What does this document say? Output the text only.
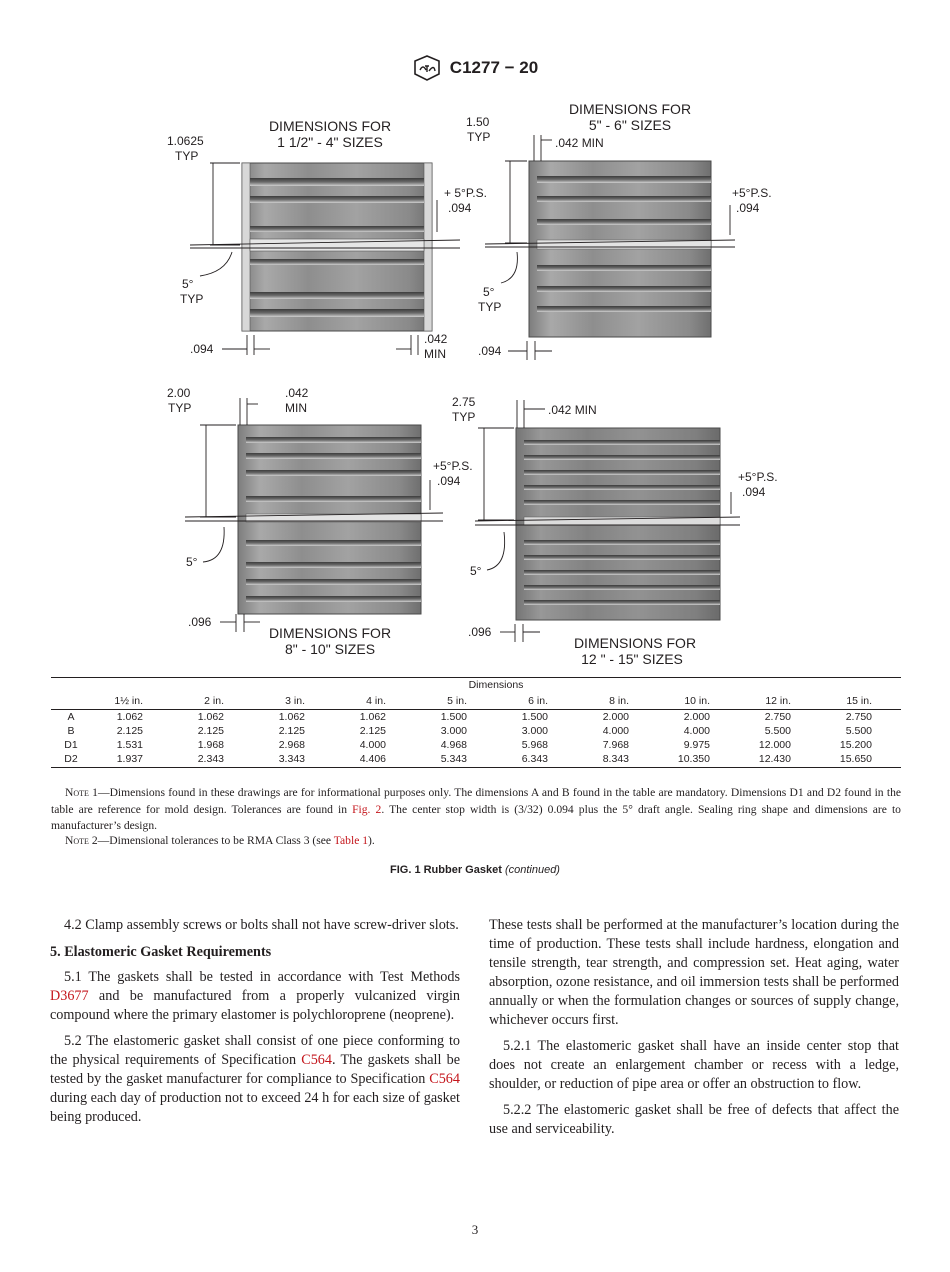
C1277 − 20
DIMENSIONS FOR
1 1/2" - 4" SIZES
1.0625
TYP
+ 5°P.S.
.094
5°
TYP
.094
.042
MIN
DIMENSIONS FOR
5" - 6" SIZES
1.50
TYP	.042 MIN
+5°P.S.
.094
5°
TYP
.094
DIMENSIONS FOR
8" - 10" SIZES
2.00
TYP
.042
MIN
+5°P.S.
.094
5°
.096
DIMENSIONS FOR
12 " - 15" SIZES
2.75
TYP	.042 MIN
+5°P.S.
.094
5°
.096
	Dimensions									
	1½ in.	2 in.	3 in.	4 in.	5 in.	6 in.	8 in.	10 in.	12 in.	15 in.
A	1.062	1.062	1.062	1.062	1.500	1.500	2.000	2.000	2.750	2.750
B	2.125	2.125	2.125	2.125	3.000	3.000	4.000	4.000	5.500	5.500
D1	1.531	1.968	2.968	4.000	4.968	5.968	7.968	9.975	12.000	15.200
D2	1.937	2.343	3.343	4.406	5.343	6.343	8.343	10.350	12.430	15.650
Note 1—Dimensions found in these drawings are for informational purposes only. The dimensions A and B found in the table are mandatory. Dimensions D1 and D2 found in the table are reference for mold design. Tolerances are found in Fig. 2. The center stop width is (3/32) 0.094 plus the 5° draft angle. Sealing ring shape and dimensions are to manufacturer’s design.
Note 2—Dimensional tolerances to be RMA Class 3 (see Table 1).
FIG. 1 Rubber Gasket (continued)

4.2 Clamp assembly screws or bolts shall not have screw-driver slots.

5. Elastomeric Gasket Requirements

5.1 The gaskets shall be tested in accordance with Test Methods D3677 and be manufactured from a properly vulcanized virgin compound where the primary elastomer is polychloroprene (neoprene).

5.2 The elastomeric gasket shall consist of one piece conforming to the physical requirements of Specification C564. The gaskets shall be tested by the gasket manufacturer for compliance to Specification C564 during each day of production not to exceed 24 h for each size of gasket being produced.

These tests shall be performed at the manufacturer’s location during the time of production. These tests shall include hardness, elongation and tensile strength, tear strength, and compression set. Heat aging, water absorption, ozone resistance, and oil immersion tests shall be performed annually or when the formulation changes or sources of supply change, whichever occurs first.

5.2.1 The elastomeric gasket shall have an inside center stop that does not create an enlargement chamber or recess with a ledge, shoulder, or reduction of pipe area or offer an obstruction to flow.

5.2.2 The elastomeric gasket shall be free of defects that affect the use and serviceability.

3
